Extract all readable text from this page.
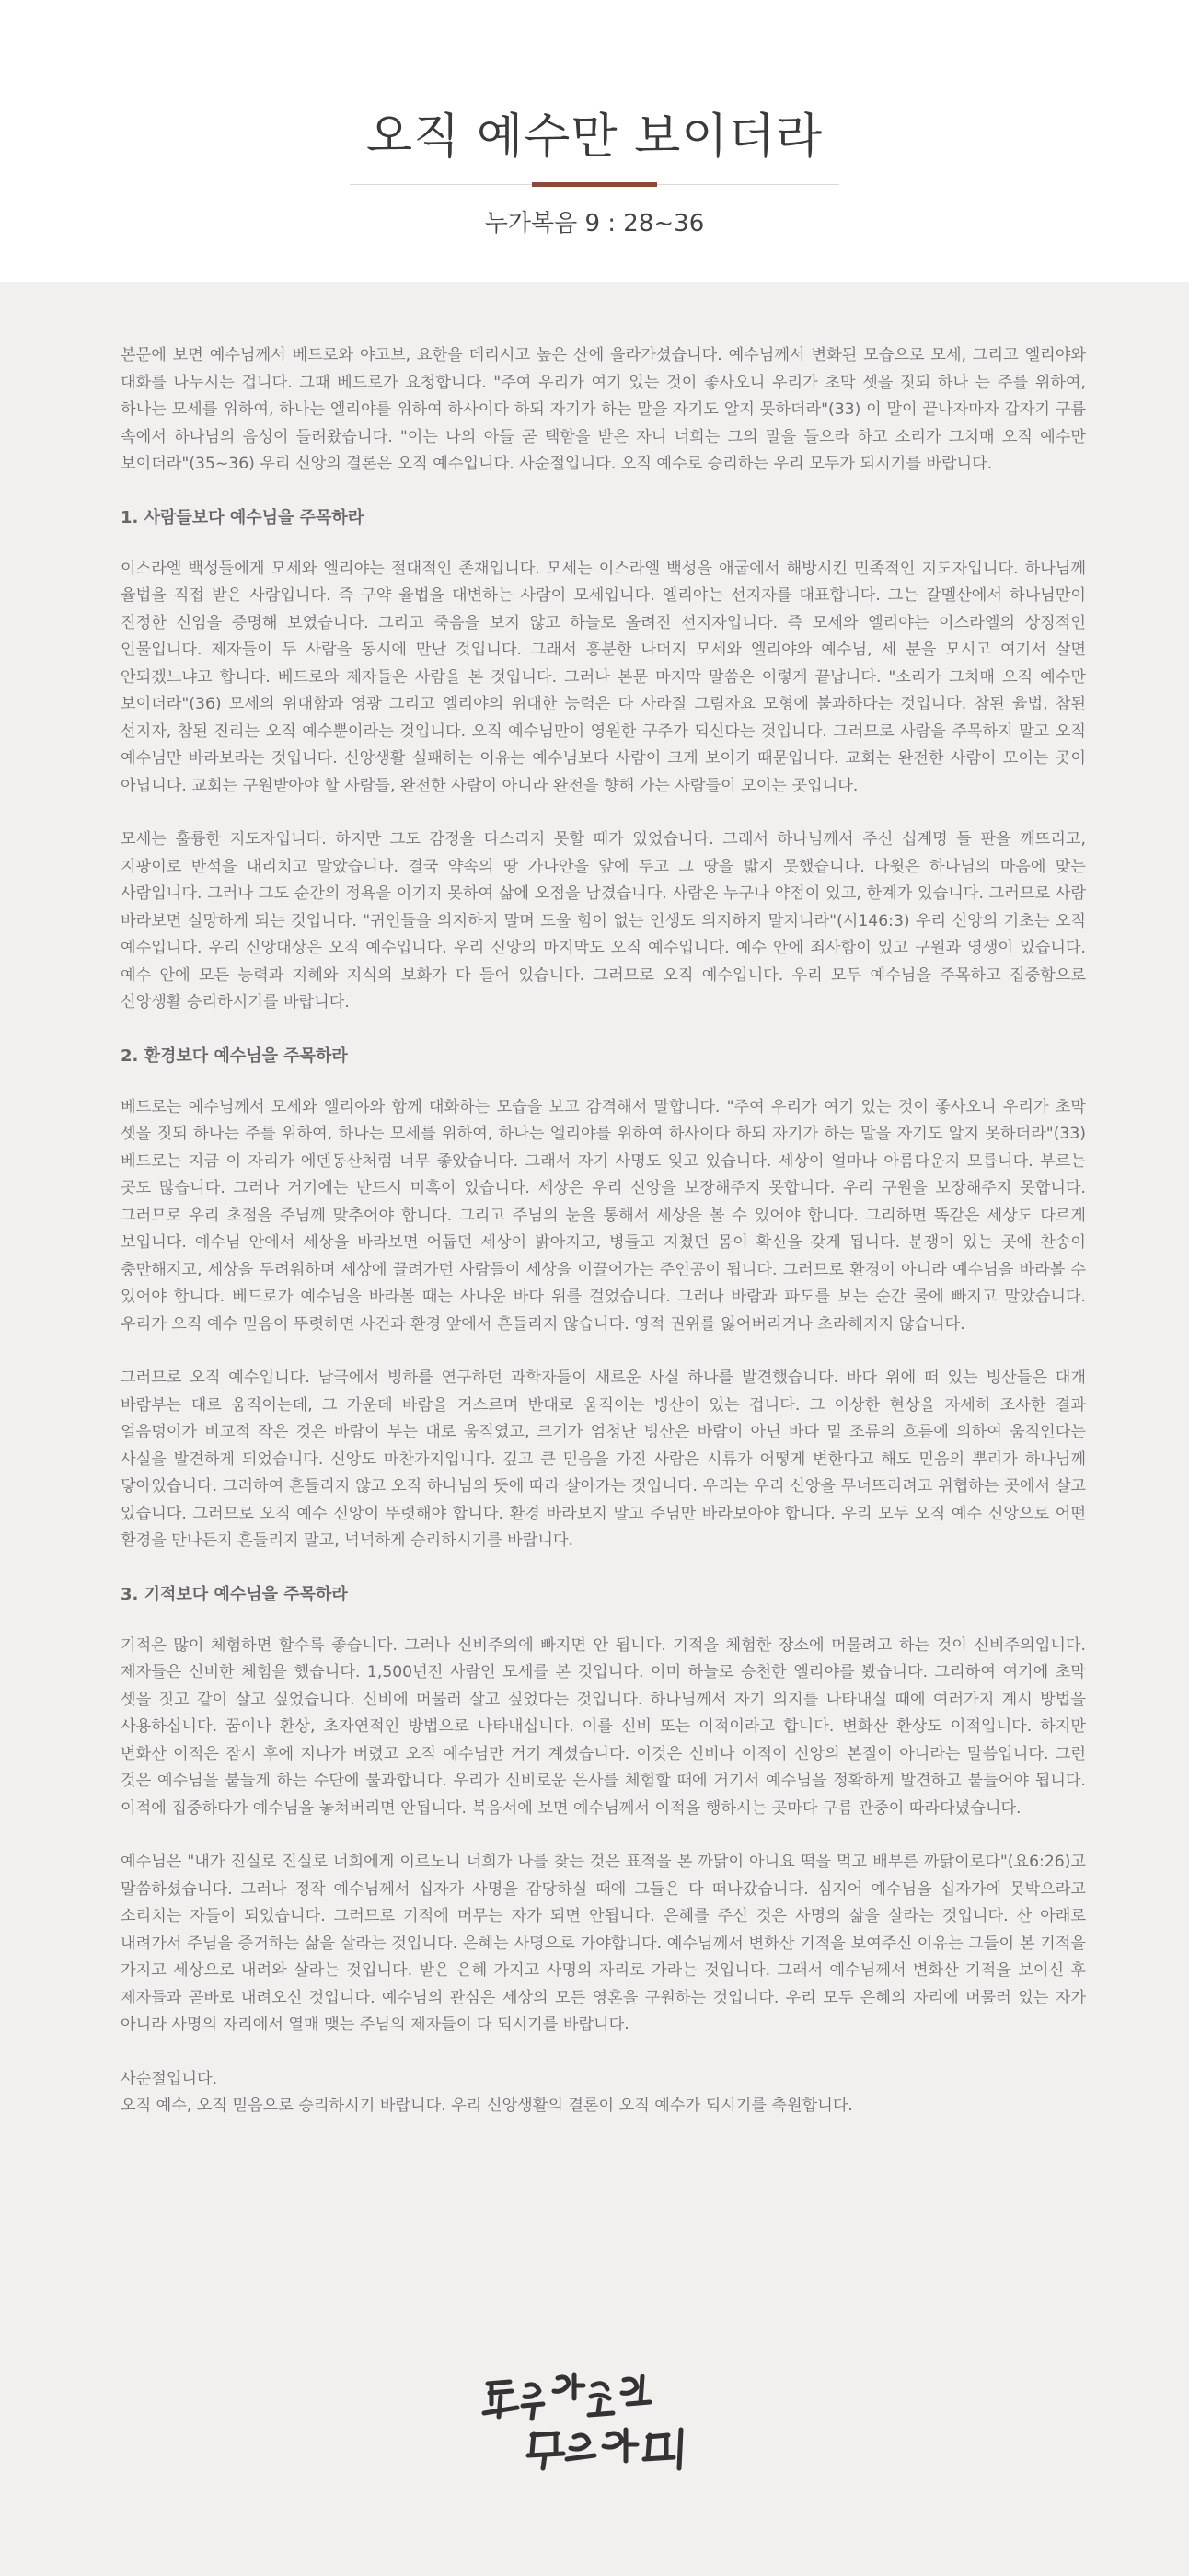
오직 예수만 보이더라

누가복음 9 : 28~36

본문에 보면 예수님께서 베드로와 야고보, 요한을 데리시고 높은 산에 올라가셨습니다. 예수님께서 변화된 모습으로 모세, 그리고 엘리야와 대화를 나누시는 겁니다. 그때 베드로가 요청합니다. "주여 우리가 여기 있는 것이 좋사오니 우리가 초막 셋을 짓되 하나 는 주를 위하여, 하나는 모세를 위하여, 하나는 엘리야를 위하여 하사이다 하되 자기가 하는 말을 자기도 알지 못하더라"(33) 이 말이 끝나자마자 갑자기 구름 속에서 하나님의 음성이 들려왔습니다. "이는 나의 아들 곧 택함을 받은 자니 너희는 그의 말을 들으라 하고 소리가 그치매 오직 예수만 보이더라"(35~36) 우리 신앙의 결론은 오직 예수입니다. 사순절입니다. 오직 예수로 승리하는 우리 모두가 되시기를 바랍니다.

1. 사람들보다 예수님을 주목하라

이스라엘 백성들에게 모세와 엘리야는 절대적인 존재입니다. 모세는 이스라엘 백성을 애굽에서 해방시킨 민족적인 지도자입니다. 하나님께 율법을 직접 받은 사람입니다. 즉 구약 율법을 대변하는 사람이 모세입니다. 엘리야는 선지자를 대표합니다. 그는 갈멜산에서 하나님만이 진정한 신임을 증명해 보였습니다. 그리고 죽음을 보지 않고 하늘로 올려진 선지자입니다. 즉 모세와 엘리야는 이스라엘의 상징적인 인물입니다. 제자들이 두 사람을 동시에 만난 것입니다. 그래서 흥분한 나머지 모세와 엘리야와 예수님, 세 분을 모시고 여기서 살면 안되겠느냐고 합니다. 베드로와 제자들은 사람을 본 것입니다. 그러나 본문 마지막 말씀은 이렇게 끝납니다. "소리가 그치매 오직 예수만 보이더라"(36) 모세의 위대함과 영광 그리고 엘리야의 위대한 능력은 다 사라질 그림자요 모형에 불과하다는 것입니다. 참된 율법, 참된 선지자, 참된 진리는 오직 예수뿐이라는 것입니다. 오직 예수님만이 영원한 구주가 되신다는 것입니다. 그러므로 사람을 주목하지 말고 오직 예수님만 바라보라는 것입니다. 신앙생활 실패하는 이유는 예수님보다 사람이 크게 보이기 때문입니다. 교회는 완전한 사람이 모이는 곳이 아닙니다. 교회는 구원받아야 할 사람들, 완전한 사람이 아니라 완전을 향해 가는 사람들이 모이는 곳입니다.

모세는 훌륭한 지도자입니다. 하지만 그도 감정을 다스리지 못할 때가 있었습니다. 그래서 하나님께서 주신 십계명 돌 판을 깨뜨리고, 지팡이로 반석을 내리치고 말았습니다. 결국 약속의 땅 가나안을 앞에 두고 그 땅을 밟지 못했습니다. 다윗은 하나님의 마음에 맞는 사람입니다. 그러나 그도 순간의 정욕을 이기지 못하여 삶에 오점을 남겼습니다. 사람은 누구나 약점이 있고, 한계가 있습니다. 그러므로 사람 바라보면 실망하게 되는 것입니다. "귀인들을 의지하지 말며 도울 힘이 없는 인생도 의지하지 말지니라"(시146:3) 우리 신앙의 기초는 오직 예수입니다. 우리 신앙대상은 오직 예수입니다. 우리 신앙의 마지막도 오직 예수입니다. 예수 안에 죄사함이 있고 구원과 영생이 있습니다. 예수 안에 모든 능력과 지혜와 지식의 보화가 다 들어 있습니다. 그러므로 오직 예수입니다. 우리 모두 예수님을 주목하고 집중함으로 신앙생활 승리하시기를 바랍니다.

2. 환경보다 예수님을 주목하라

베드로는 예수님께서 모세와 엘리야와 함께 대화하는 모습을 보고 감격해서 말합니다. "주여 우리가 여기 있는 것이 좋사오니 우리가 초막 셋을 짓되 하나는 주를 위하여, 하나는 모세를 위하여, 하나는 엘리야를 위하여 하사이다 하되 자기가 하는 말을 자기도 알지 못하더라"(33) 베드로는 지금 이 자리가 에덴동산처럼 너무 좋았습니다. 그래서 자기 사명도 잊고 있습니다. 세상이 얼마나 아름다운지 모릅니다. 부르는 곳도 많습니다. 그러나 거기에는 반드시 미혹이 있습니다. 세상은 우리 신앙을 보장해주지 못합니다. 우리 구원을 보장해주지 못합니다. 그러므로 우리 초점을 주님께 맞추어야 합니다. 그리고 주님의 눈을 통해서 세상을 볼 수 있어야 합니다. 그리하면 똑같은 세상도 다르게 보입니다. 예수님 안에서 세상을 바라보면 어둡던 세상이 밝아지고, 병들고 지쳤던 몸이 확신을 갖게 됩니다. 분쟁이 있는 곳에 찬송이 충만해지고, 세상을 두려워하며 세상에 끌려가던 사람들이 세상을 이끌어가는 주인공이 됩니다. 그러므로 환경이 아니라 예수님을 바라볼 수 있어야 합니다. 베드로가 예수님을 바라볼 때는 사나운 바다 위를 걸었습니다. 그러나 바람과 파도를 보는 순간 물에 빠지고 말았습니다. 우리가 오직 예수 믿음이 뚜렷하면 사건과 환경 앞에서 흔들리지 않습니다. 영적 권위를 잃어버리거나 초라해지지 않습니다.

그러므로 오직 예수입니다. 남극에서 빙하를 연구하던 과학자들이 새로운 사실 하나를 발견했습니다. 바다 위에 떠 있는 빙산들은 대개 바람부는 대로 움직이는데, 그 가운데 바람을 거스르며 반대로 움직이는 빙산이 있는 겁니다. 그 이상한 현상을 자세히 조사한 결과 얼음덩이가 비교적 작은 것은 바람이 부는 대로 움직였고, 크기가 엄청난 빙산은 바람이 아닌 바다 밑 조류의 흐름에 의하여 움직인다는 사실을 발견하게 되었습니다. 신앙도 마찬가지입니다. 깊고 큰 믿음을 가진 사람은 시류가 어떻게 변한다고 해도 믿음의 뿌리가 하나님께 닿아있습니다. 그러하여 흔들리지 않고 오직 하나님의 뜻에 따라 살아가는 것입니다. 우리는 우리 신앙을 무너뜨리려고 위협하는 곳에서 살고 있습니다. 그러므로 오직 예수 신앙이 뚜렷해야 합니다. 환경 바라보지 말고 주님만 바라보아야 합니다. 우리 모두 오직 예수 신앙으로 어떤 환경을 만나든지 흔들리지 말고, 넉넉하게 승리하시기를 바랍니다.

3. 기적보다 예수님을 주목하라

기적은 많이 체험하면 할수록 좋습니다. 그러나 신비주의에 빠지면 안 됩니다. 기적을 체험한 장소에 머물려고 하는 것이 신비주의입니다. 제자들은 신비한 체험을 했습니다. 1,500년전 사람인 모세를 본 것입니다. 이미 하늘로 승천한 엘리야를 봤습니다. 그리하여 여기에 초막 셋을 짓고 같이 살고 싶었습니다. 신비에 머물러 살고 싶었다는 것입니다. 하나님께서 자기 의지를 나타내실 때에 여러가지 계시 방법을 사용하십니다. 꿈이나 환상, 초자연적인 방법으로 나타내십니다. 이를 신비 또는 이적이라고 합니다. 변화산 환상도 이적입니다. 하지만 변화산 이적은 잠시 후에 지나가 버렸고 오직 예수님만 거기 계셨습니다. 이것은 신비나 이적이 신앙의 본질이 아니라는 말씀입니다. 그런 것은 예수님을 붙들게 하는 수단에 불과합니다. 우리가 신비로운 은사를 체험할 때에 거기서 예수님을 정확하게 발견하고 붙들어야 됩니다. 이적에 집중하다가 예수님을 놓쳐버리면 안됩니다. 복음서에 보면 예수님께서 이적을 행하시는 곳마다 구름 관중이 따라다녔습니다.

예수님은 "내가 진실로 진실로 너희에게 이르노니 너희가 나를 찾는 것은 표적을 본 까닭이 아니요 떡을 먹고 배부른 까닭이로다"(요6:26)고 말씀하셨습니다. 그러나 정작 예수님께서 십자가 사명을 감당하실 때에 그들은 다 떠나갔습니다. 심지어 예수님을 십자가에 못박으라고 소리치는 자들이 되었습니다. 그러므로 기적에 머무는 자가 되면 안됩니다. 은혜를 주신 것은 사명의 삶을 살라는 것입니다. 산 아래로 내려가서 주님을 증거하는 삶을 살라는 것입니다. 은혜는 사명으로 가야합니다. 예수님께서 변화산 기적을 보여주신 이유는 그들이 본 기적을 가지고 세상으로 내려와 살라는 것입니다. 받은 은혜 가지고 사명의 자리로 가라는 것입니다. 그래서 예수님께서 변화산 기적을 보이신 후 제자들과 곧바로 내려오신 것입니다. 예수님의 관심은 세상의 모든 영혼을 구원하는 것입니다. 우리 모두 은혜의 자리에 머물러 있는 자가 아니라 사명의 자리에서 열매 맺는 주님의 제자들이 다 되시기를 바랍니다.

사순절입니다.

오직 예수, 오직 믿음으로 승리하시기 바랍니다. 우리 신앙생활의 결론이 오직 예수가 되시기를 축원합니다.
